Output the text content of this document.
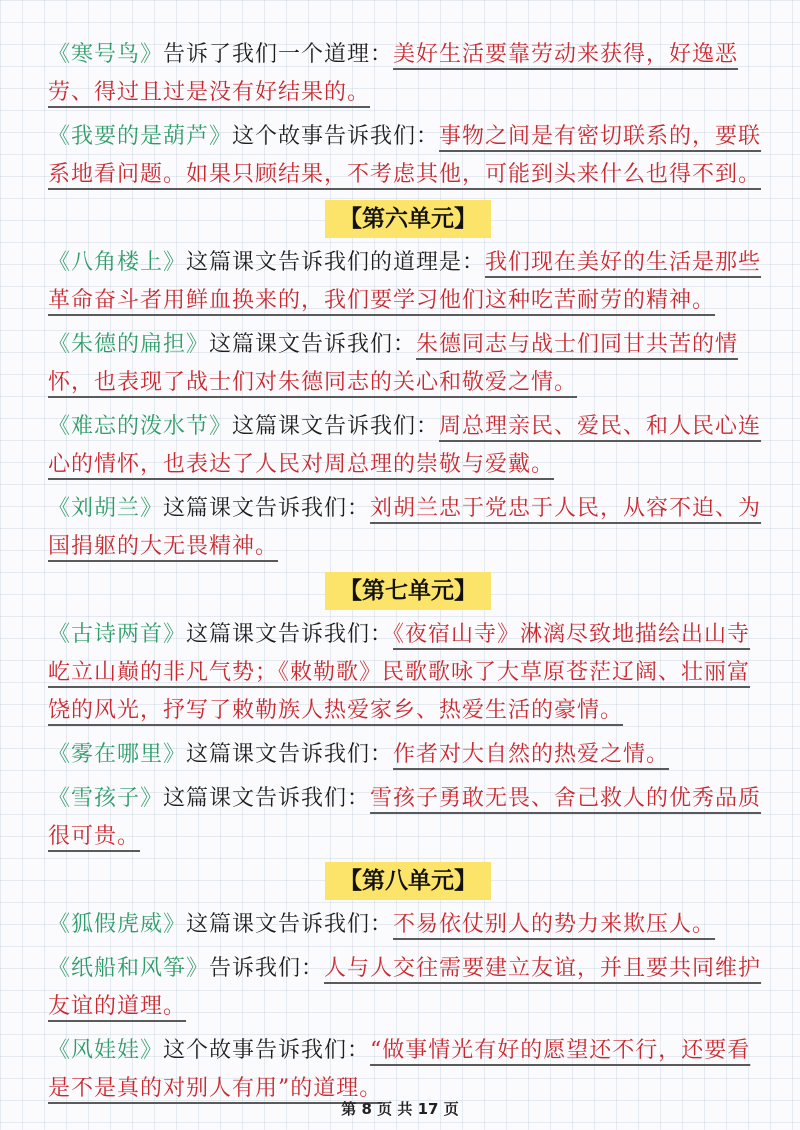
《寒号鸟》告诉了我们一个道理：美好生活要靠劳动来获得，好逸恶劳、得过且过是没有好结果的。
《我要的是葫芦》这个故事告诉我们：事物之间是有密切联系的，要联系地看问题。如果只顾结果，不考虑其他，可能到头来什么也得不到。
【第六单元】
《八角楼上》这篇课文告诉我们的道理是：我们现在美好的生活是那些革命奋斗者用鲜血换来的，我们要学习他们这种吃苦耐劳的精神。
《朱德的扁担》这篇课文告诉我们：朱德同志与战士们同甘共苦的情怀，也表现了战士们对朱德同志的关心和敬爱之情。
《难忘的泼水节》这篇课文告诉我们：周总理亲民、爱民、和人民心连心的情怀，也表达了人民对周总理的崇敬与爱戴。
《刘胡兰》这篇课文告诉我们：刘胡兰忠于党忠于人民，从容不迫、为国捐躯的大无畏精神。
【第七单元】
《古诗两首》这篇课文告诉我们：《夜宿山寺》淋漓尽致地描绘出山寺屹立山巅的非凡气势；《敕勒歌》民歌歌咏了大草原苍茫辽阔、壮丽富饶的风光，抒写了敕勒族人热爱家乡、热爱生活的豪情。
《雾在哪里》这篇课文告诉我们：作者对大自然的热爱之情。
《雪孩子》这篇课文告诉我们：雪孩子勇敢无畏、舍己救人的优秀品质很可贵。
【第八单元】
《狐假虎威》这篇课文告诉我们：不易依仗别人的势力来欺压人。
《纸船和风筝》告诉我们：人与人交往需要建立友谊，并且要共同维护友谊的道理。
《风娃娃》这个故事告诉我们：“做事情光有好的愿望还不行，还要看是不是真的对别人有用”的道理。
第 8 页 共 17 页
